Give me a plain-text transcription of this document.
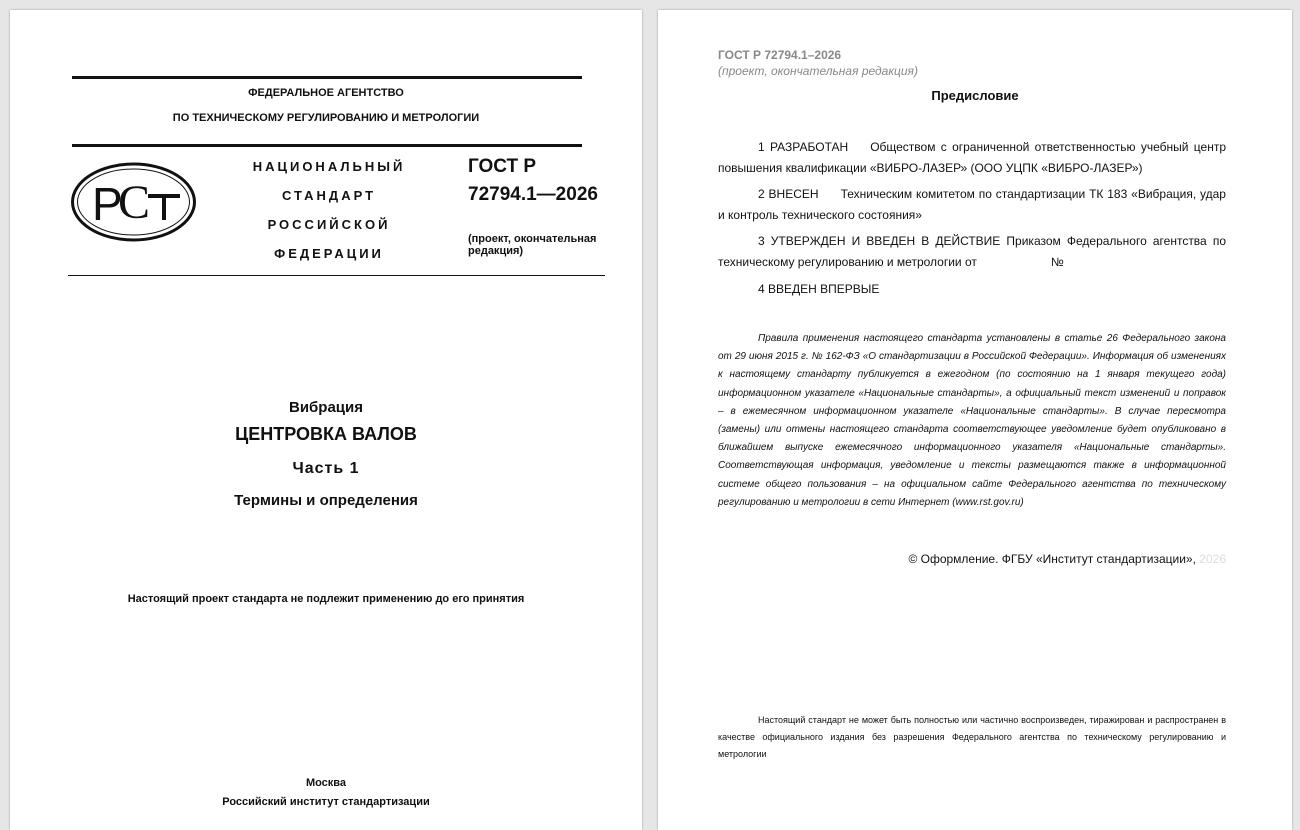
ФЕДЕРАЛЬНОЕ АГЕНТСТВО
ПО ТЕХНИЧЕСКОМУ РЕГУЛИРОВАНИЮ И МЕТРОЛОГИИ
Р
С
НАЦИОНАЛЬНЫЙ
СТАНДАРТ
РОССИЙСКОЙ
ФЕДЕРАЦИИ
ГОСТ Р
72794.1—2026
(проект, окончательная редакция)
Вибрация
ЦЕНТРОВКА ВАЛОВ
Часть 1
Термины и определения
Настоящий проект стандарта не подлежит применению до его принятия
Москва
Российский институт стандартизации
ГОСТ Р 72794.1–2026
(проект, окончательная редакция)
Предисловие
1 РАЗРАБОТАН Обществом с ограниченной ответственностью учебный центр повышения квалификации «ВИБРО-ЛАЗЕР» (ООО УЦПК «ВИБРО-ЛАЗЕР»)
2 ВНЕСЕН Техническим комитетом по стандартизации ТК 183 «Вибрация, удар и контроль технического состояния»
3 УТВЕРЖДЕН И ВВЕДЕН В ДЕЙСТВИЕ Приказом Федерального агентства по техническому регулированию и метрологии от	№
4 ВВЕДЕН ВПЕРВЫЕ
Правила применения настоящего стандарта установлены в статье 26 Федерального закона от 29 июня 2015 г. № 162-ФЗ «О стандартизации в Российской Федерации». Информация об изменениях к настоящему стандарту публикуется в ежегодном (по состоянию на 1 января текущего года) информационном указателе «Национальные стандарты», а официальный текст изменений и поправок – в ежемесячном информационном указателе «Национальные стандарты». В случае пересмотра (замены) или отмены настоящего стандарта соответствующее уведомление будет опубликовано в ближайшем выпуске ежемесячного информационного указателя «Национальные стандарты». Соответствующая информация, уведомление и тексты размещаются также в информационной системе общего пользования – на официальном сайте Федерального агентства по техническому регулированию и метрологии в сети Интернет (www.rst.gov.ru)
© Оформление. ФГБУ «Институт стандартизации», 2026
Настоящий стандарт не может быть полностью или частично воспроизведен, тиражирован и распространен в качестве официального издания без разрешения Федерального агентства по техническому регулированию и метрологии
